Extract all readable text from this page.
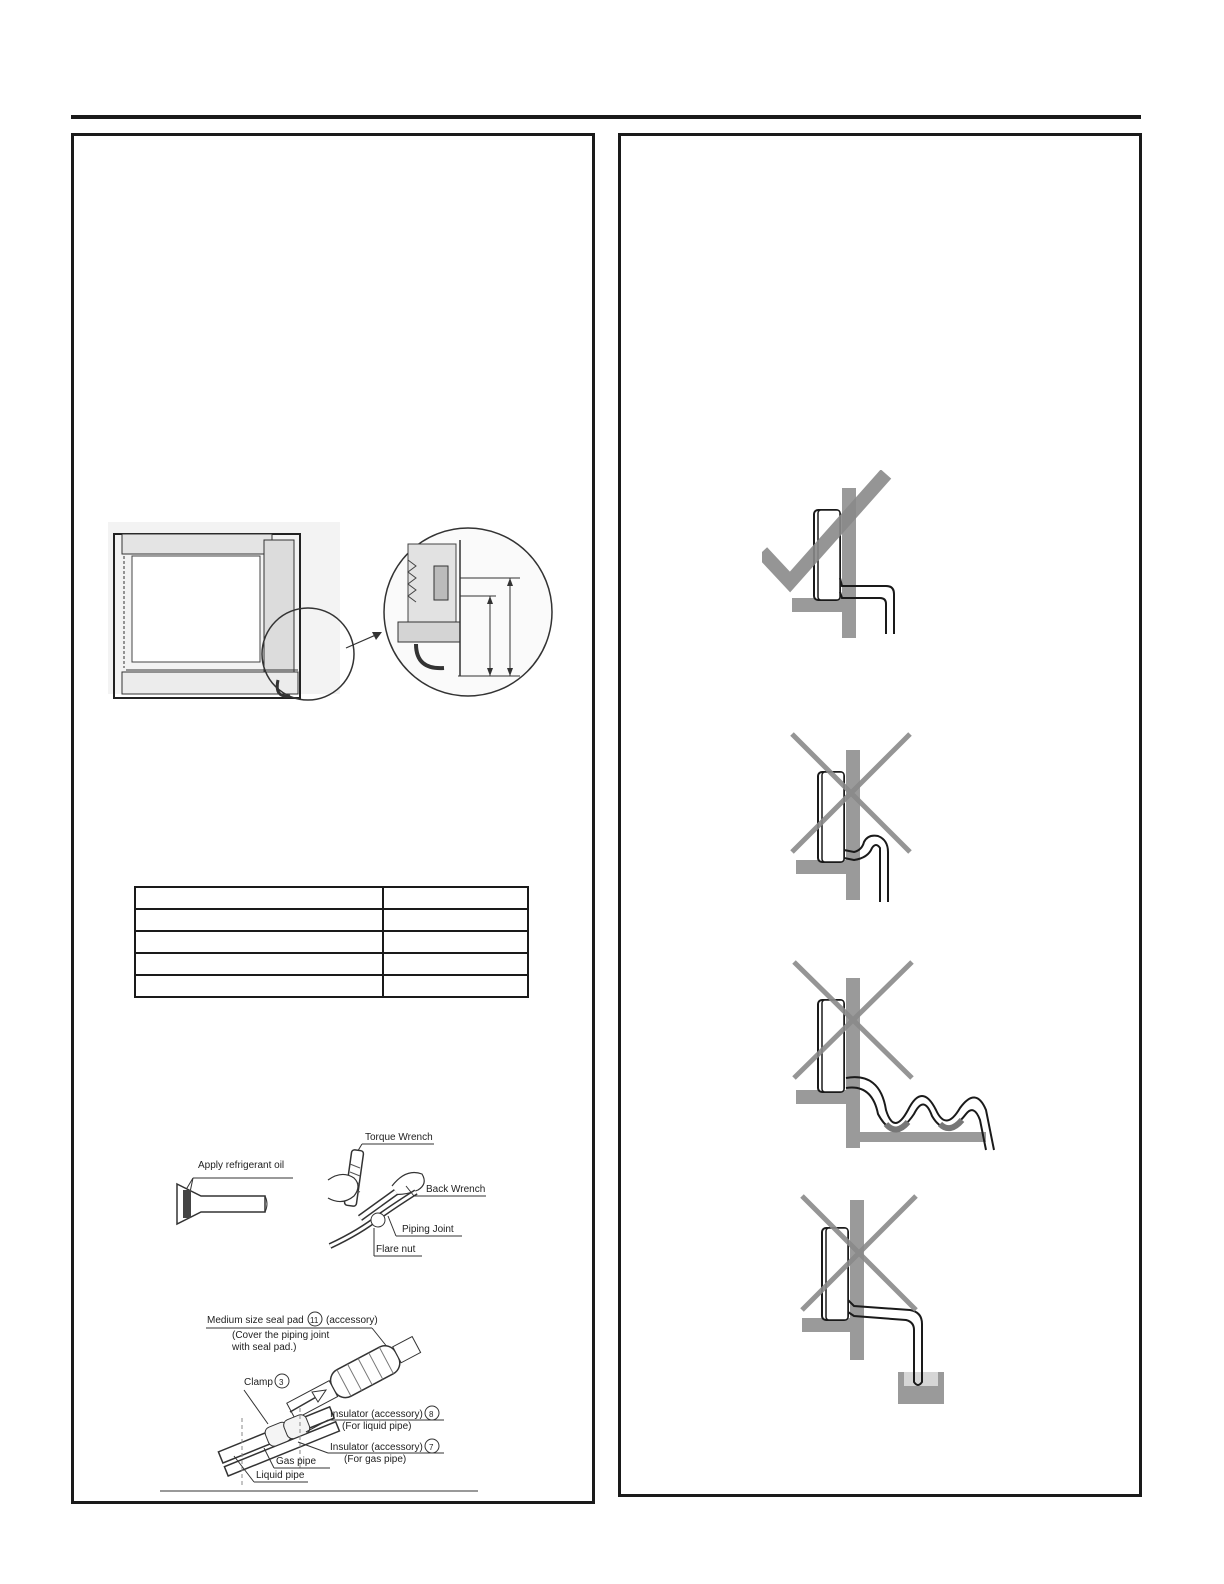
Apply refrigerant oil
Torque Wrench
Back Wrench
Piping Joint
Flare nut
Medium size seal pad 11 (accessory)
(Cover the piping joint
with seal pad.)
Clamp 3
Insulator (accessory) 8
(For liquid pipe)
Insulator (accessory) 7
(For gas pipe)
Gas pipe
Liquid pipe
